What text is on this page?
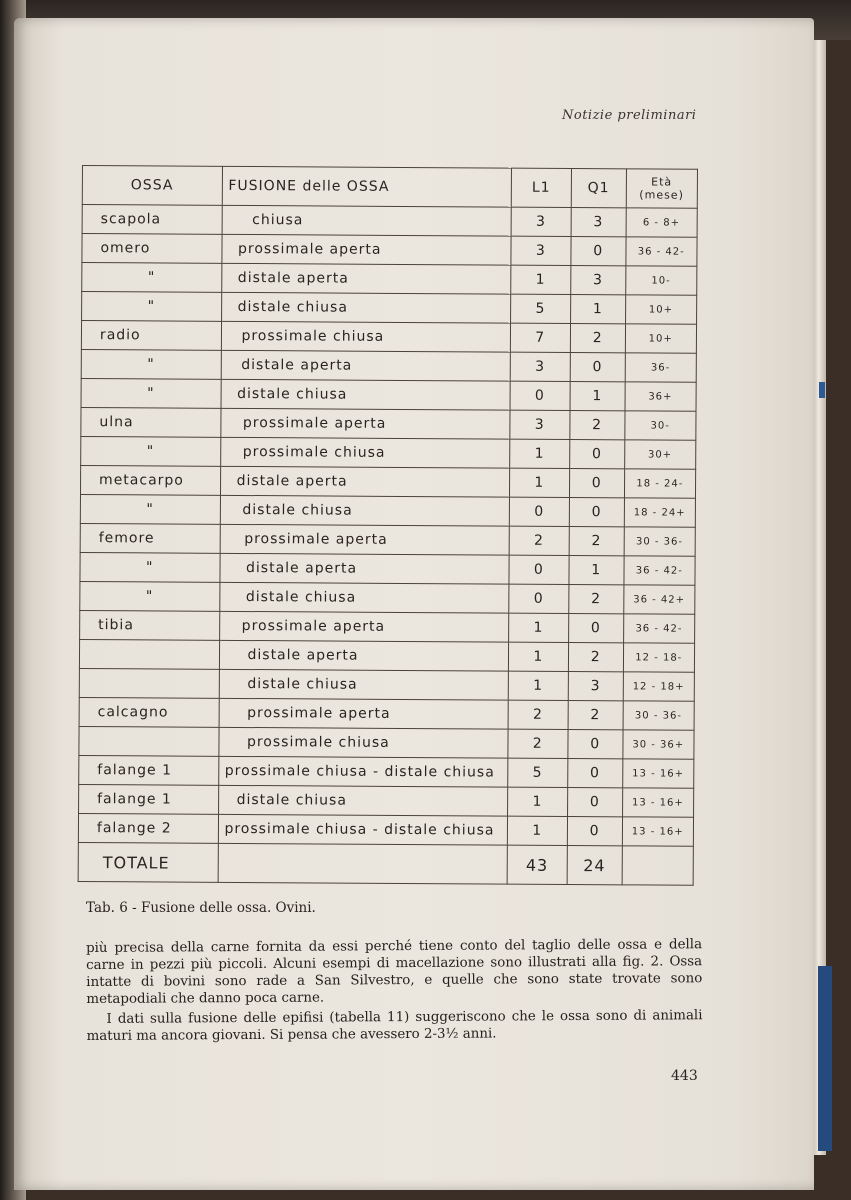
Notizie preliminari
OSSA	FUSIONE delle OSSA	L1	Q1	Età (mese)
scapola	chiusa	3	3	6 - 8+
omero	prossimale aperta	3	0	36 - 42-
"	distale aperta	1	3	10-
"	distale chiusa	5	1	10+
radio	prossimale chiusa	7	2	10+
"	distale aperta	3	0	36-
"	distale chiusa	0	1	36+
ulna	prossimale aperta	3	2	30-
"	prossimale chiusa	1	0	30+
metacarpo	distale aperta	1	0	18 - 24-
"	distale chiusa	0	0	18 - 24+
femore	prossimale aperta	2	2	30 - 36-
"	distale aperta	0	1	36 - 42-
"	distale chiusa	0	2	36 - 42+
tibia	prossimale aperta	1	0	36 - 42-
	distale aperta	1	2	12 - 18-
	distale chiusa	1	3	12 - 18+
calcagno	prossimale aperta	2	2	30 - 36-
	prossimale chiusa	2	0	30 - 36+
falange 1	prossimale chiusa - distale chiusa	5	0	13 - 16+
falange 1	distale chiusa	1	0	13 - 16+
falange 2	prossimale chiusa - distale chiusa	1	0	13 - 16+
TOTALE		43	24	
Tab. 6 - Fusione delle ossa. Ovini.

più precisa della carne fornita da essi perché tiene conto del taglio delle ossa e della carne in pezzi più piccoli. Alcuni esempi di macellazione sono illustrati alla fig. 2. Ossa intatte di bovini sono rade a San Silvestro, e quelle che sono state trovate sono metapodiali che danno poca carne.

I dati sulla fusione delle epifisi (tabella 11) suggeriscono che le ossa sono di animali maturi ma ancora giovani. Si pensa che avessero 2-3½ anni.

443
